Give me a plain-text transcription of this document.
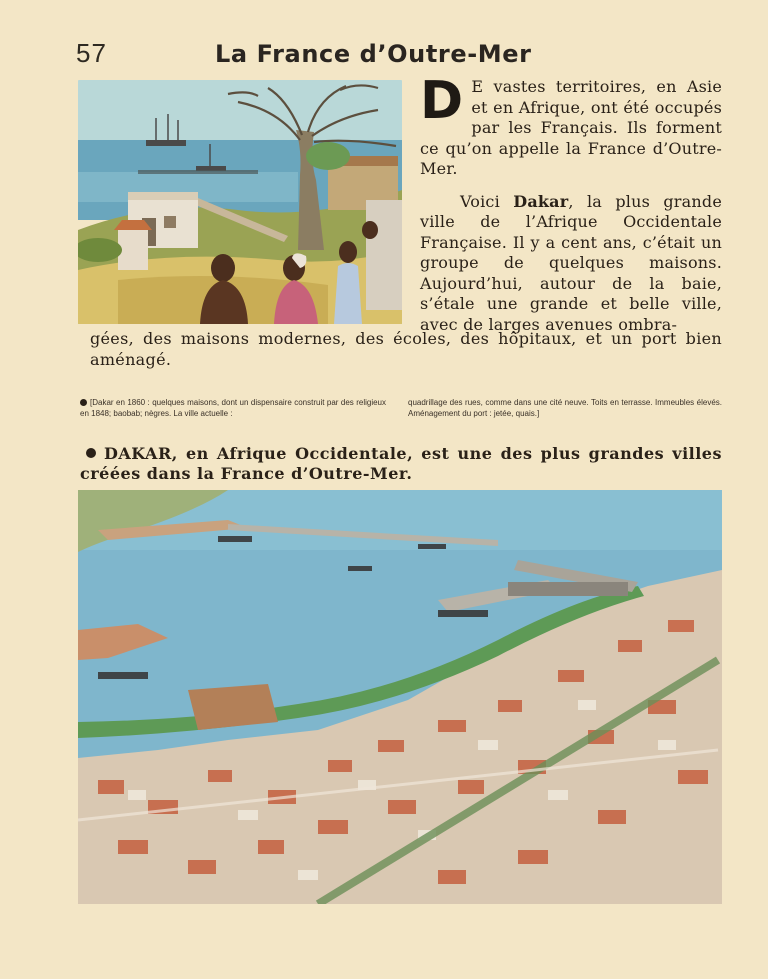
57	La France d’Outre-Mer
D E vastes territoires, en Asie et en Afrique, ont été occupés par les Français. Ils forment ce qu’on appelle la France d’Outre-Mer.
Voici Dakar, la plus grande ville de l’Afrique Occidentale Française. Il y a cent ans, c’était un groupe de quelques maisons. Aujourd’hui, autour de la baie, s’étale une grande et belle ville, avec de larges avenues ombra-
gées, des maisons modernes, des écoles, des hôpitaux, et un port bien aménagé.
[Dakar en 1860 : quelques maisons, dont un dispensaire construit par des religieux en 1848; baobab; nègres. La ville actuelle :
quadrillage des rues, comme dans une cité neuve. Toits en terrasse. Immeubles élevés. Aménagement du port : jetée, quais.]
DAKAR, en Afrique Occidentale, est une des plus grandes villes créées dans la France d’Outre-Mer.
